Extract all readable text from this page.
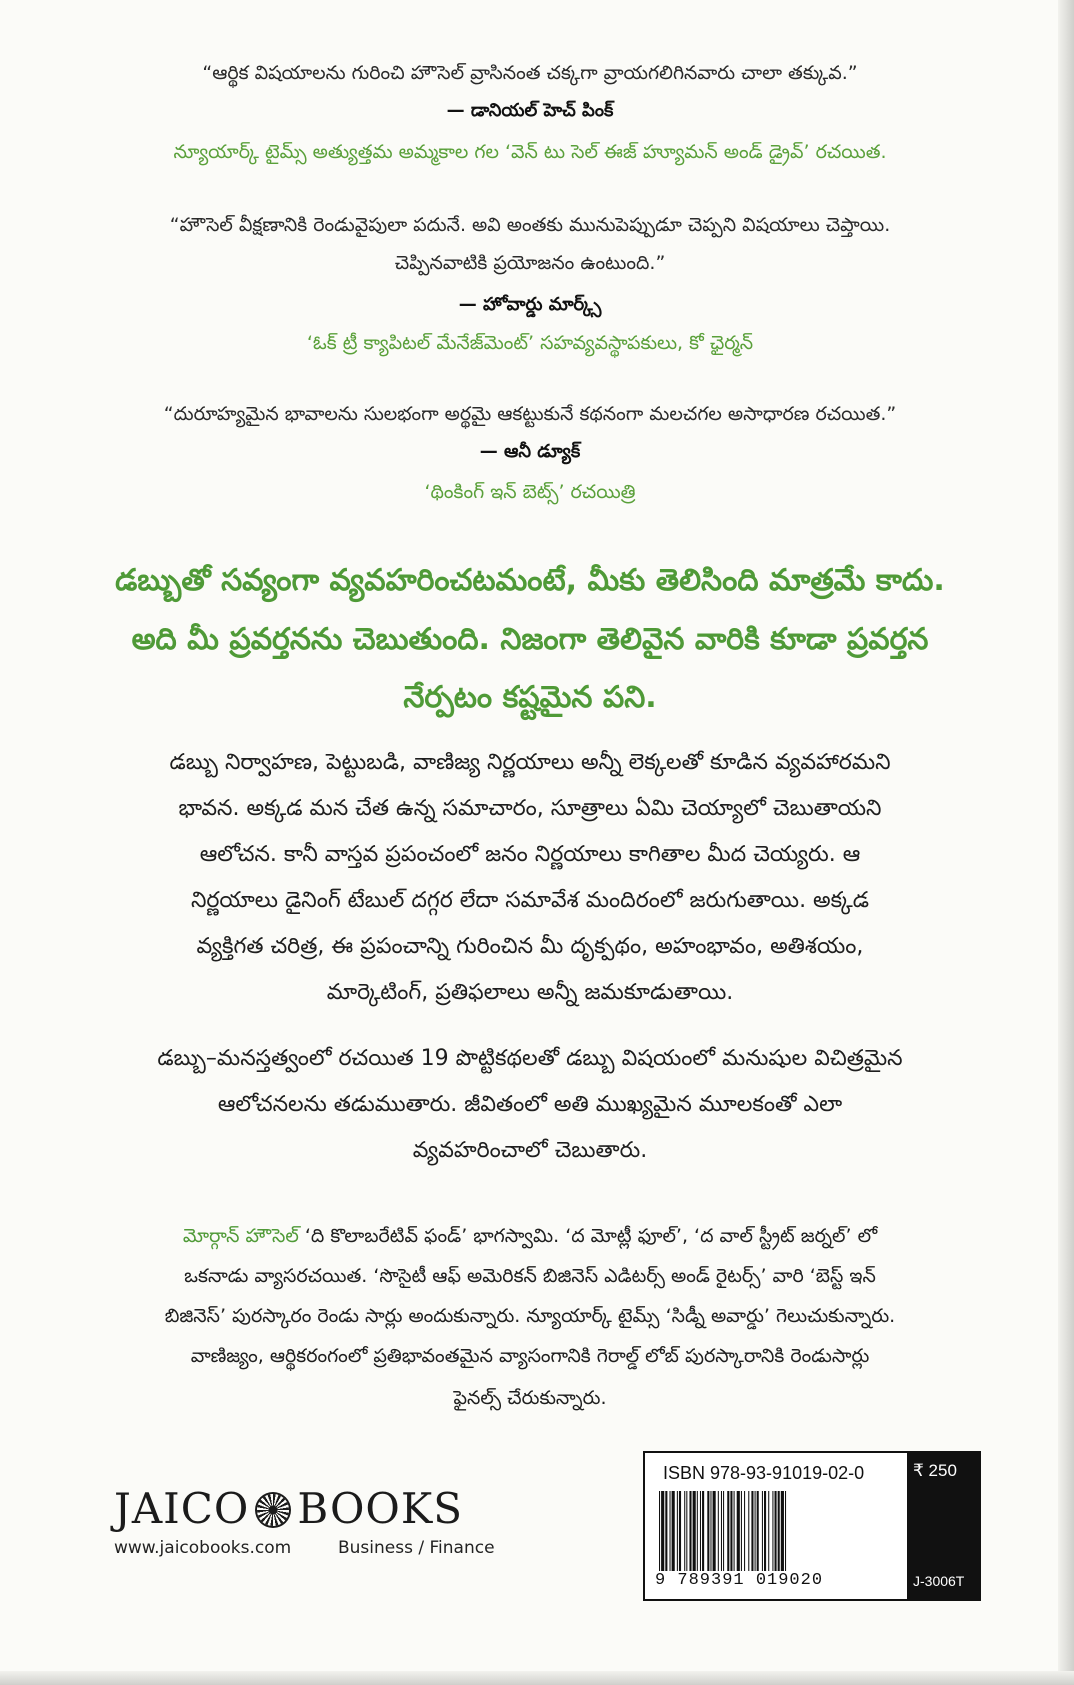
“ఆర్థిక విషయాలను గురించి హౌసెల్ వ్రాసినంత చక్కగా వ్రాయగలిగినవారు చాలా తక్కువ.”
— డానియల్ హెచ్ పింక్
న్యూయార్క్ టైమ్స్ అత్యుత్తమ అమ్మకాల గల ‘వెన్ టు సెల్ ఈజ్ హ్యూమన్ అండ్ డ్రైవ్’ రచయిత.
“హౌసెల్ వీక్షణానికి రెండువైపులా పదునే. అవి అంతకు మునుపెప్పుడూ చెప్పని విషయాలు చెప్తాయి.
చెప్పినవాటికి ప్రయోజనం ఉంటుంది.”
— హోవార్డు మార్క్స్
‘ఓక్ ట్రీ క్యాపిటల్ మేనేజ్‌మెంట్’ సహవ్యవస్థాపకులు, కో ఛైర్మన్
“దురూహ్యమైన భావాలను సులభంగా అర్థమై ఆకట్టుకునే కథనంగా మలచగల అసాధారణ రచయిత.”
— ఆనీ డ్యూక్
‘థింకింగ్ ఇన్ బెట్స్’ రచయిత్రి
డబ్బుతో సవ్యంగా వ్యవహరించటమంటే, మీకు తెలిసింది మాత్రమే కాదు.
అది మీ ప్రవర్తనను చెబుతుంది. నిజంగా తెలివైన వారికి కూడా ప్రవర్తన
నేర్పటం కష్టమైన పని.
డబ్బు నిర్వాహణ, పెట్టుబడి, వాణిజ్య నిర్ణయాలు అన్నీ లెక్కలతో కూడిన వ్యవహారమని
భావన. అక్కడ మన చేత ఉన్న సమాచారం, సూత్రాలు ఏమి చెయ్యాలో చెబుతాయని
ఆలోచన. కానీ వాస్తవ ప్రపంచంలో జనం నిర్ణయాలు కాగితాల మీద చెయ్యరు. ఆ
నిర్ణయాలు డైనింగ్ టేబుల్ దగ్గర లేదా సమావేశ మందిరంలో జరుగుతాయి. అక్కడ
వ్యక్తిగత చరిత్ర, ఈ ప్రపంచాన్ని గురించిన మీ దృక్పథం, అహంభావం, అతిశయం,
మార్కెటింగ్, ప్రతిఫలాలు అన్నీ జమకూడుతాయి.
డబ్బు–మనస్తత్వంలో రచయిత 19 పొట్టికథలతో డబ్బు విషయంలో మనుషుల విచిత్రమైన
ఆలోచనలను తడుముతారు. జీవితంలో అతి ముఖ్యమైన మూలకంతో ఎలా
వ్యవహరించాలో చెబుతారు.
మోర్గాన్ హౌసెల్ ‘ది కొలాబరేటివ్ ఫండ్’ భాగస్వామి. ‘ద మోట్లీ ఫూల్’, ‘ద వాల్ స్ట్రీట్ జర్నల్’ లో
ఒకనాడు వ్యాసరచయిత. ‘సొసైటీ ఆఫ్ అమెరికన్ బిజినెస్ ఎడిటర్స్ అండ్ రైటర్స్’ వారి ‘బెస్ట్ ఇన్
బిజినెస్’ పురస్కారం రెండు సార్లు అందుకున్నారు. న్యూయార్క్ టైమ్స్ ‘సిడ్నీ అవార్డు’ గెలుచుకున్నారు.
వాణిజ్యం, ఆర్థికరంగంలో ప్రతిభావంతమైన వ్యాసంగానికి గెరాల్డ్ లోబ్ పురస్కారానికి రెండుసార్లు
ఫైనల్స్ చేరుకున్నారు.
JAICO BOOKS
www.jaicobooks.com	Business / Finance
ISBN 978-93-91019-02-0
9 789391 019020
₹ 250
J-3006T
